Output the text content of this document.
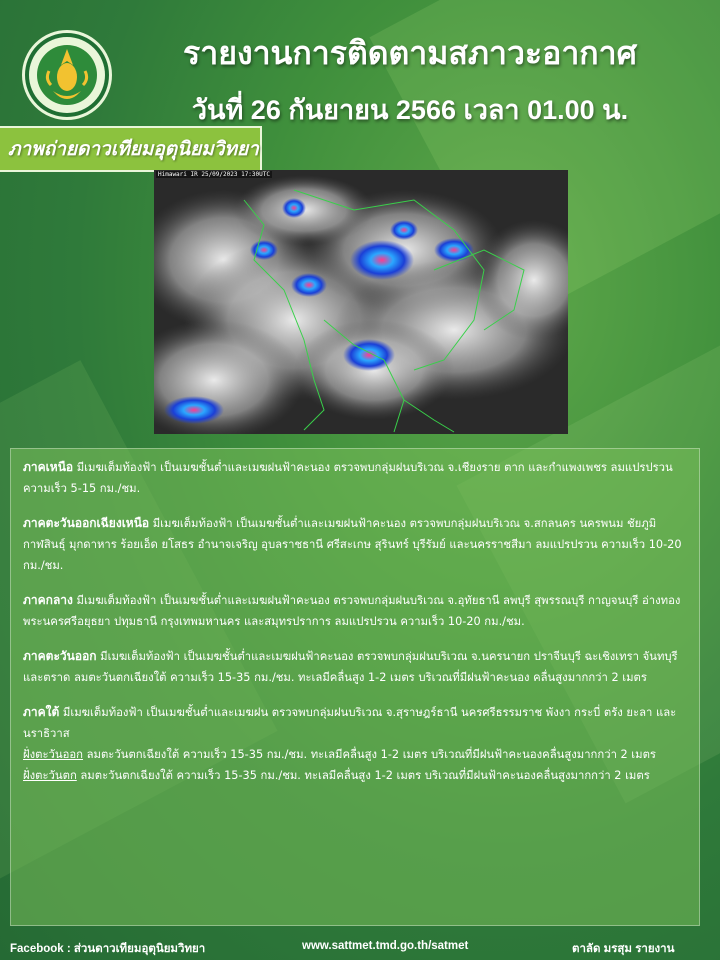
รายงานการติดตามสภาวะอากาศ
วันที่ 26 กันยายน 2566 เวลา 01.00 น.
ภาพถ่ายดาวเทียมอุตุนิยมวิทยา
Himawari IR 25/09/2023 17:30UTC

ภาคเหนือ มีเมฆเต็มท้องฟ้า เป็นเมฆชั้นต่ำและเมฆฝนฟ้าคะนอง ตรวจพบกลุ่มฝนบริเวณ จ.เชียงราย ตาก และกำแพงเพชร ลมแปรปรวน ความเร็ว 5-15 กม./ชม.

ภาคตะวันออกเฉียงเหนือ มีเมฆเต็มท้องฟ้า เป็นเมฆชั้นต่ำและเมฆฝนฟ้าคะนอง ตรวจพบกลุ่มฝนบริเวณ จ.สกลนคร นครพนม ชัยภูมิ กาฬสินธุ์ มุกดาหาร ร้อยเอ็ด ยโสธร อำนาจเจริญ อุบลราชธานี ศรีสะเกษ สุรินทร์ บุรีรัมย์ และนครราชสีมา ลมแปรปรวน ความเร็ว 10-20 กม./ชม.

ภาคกลาง มีเมฆเต็มท้องฟ้า เป็นเมฆชั้นต่ำและเมฆฝนฟ้าคะนอง ตรวจพบกลุ่มฝนบริเวณ จ.อุทัยธานี ลพบุรี สุพรรณบุรี กาญจนบุรี อ่างทอง พระนครศรีอยุธยา ปทุมธานี กรุงเทพมหานคร และสมุทรปราการ ลมแปรปรวน ความเร็ว 10-20 กม./ชม.

ภาคตะวันออก มีเมฆเต็มท้องฟ้า เป็นเมฆชั้นต่ำและเมฆฝนฟ้าคะนอง ตรวจพบกลุ่มฝนบริเวณ จ.นครนายก ปราจีนบุรี ฉะเชิงเทรา จันทบุรี และตราด ลมตะวันตกเฉียงใต้ ความเร็ว 15-35 กม./ชม. ทะเลมีคลื่นสูง 1-2 เมตร บริเวณที่มีฝนฟ้าคะนอง คลื่นสูงมากกว่า 2 เมตร

ภาคใต้ มีเมฆเต็มท้องฟ้า เป็นเมฆชั้นต่ำและเมฆฝน ตรวจพบกลุ่มฝนบริเวณ จ.สุราษฎร์ธานี นครศรีธรรมราช พังงา กระบี่ ตรัง ยะลา และนราธิวาส
ฝั่งตะวันออก ลมตะวันตกเฉียงใต้ ความเร็ว 15-35 กม./ชม. ทะเลมีคลื่นสูง 1-2 เมตร บริเวณที่มีฝนฟ้าคะนองคลื่นสูงมากกว่า 2 เมตร
ฝั่งตะวันตก ลมตะวันตกเฉียงใต้ ความเร็ว 15-35 กม./ชม. ทะเลมีคลื่นสูง 1-2 เมตร บริเวณที่มีฝนฟ้าคะนองคลื่นสูงมากกว่า 2 เมตร

Facebook : ส่วนดาวเทียมอุตุนิยมวิทยา	www.sattmet.tmd.go.th/satmet	ตาลัด มรสุม รายงาน
